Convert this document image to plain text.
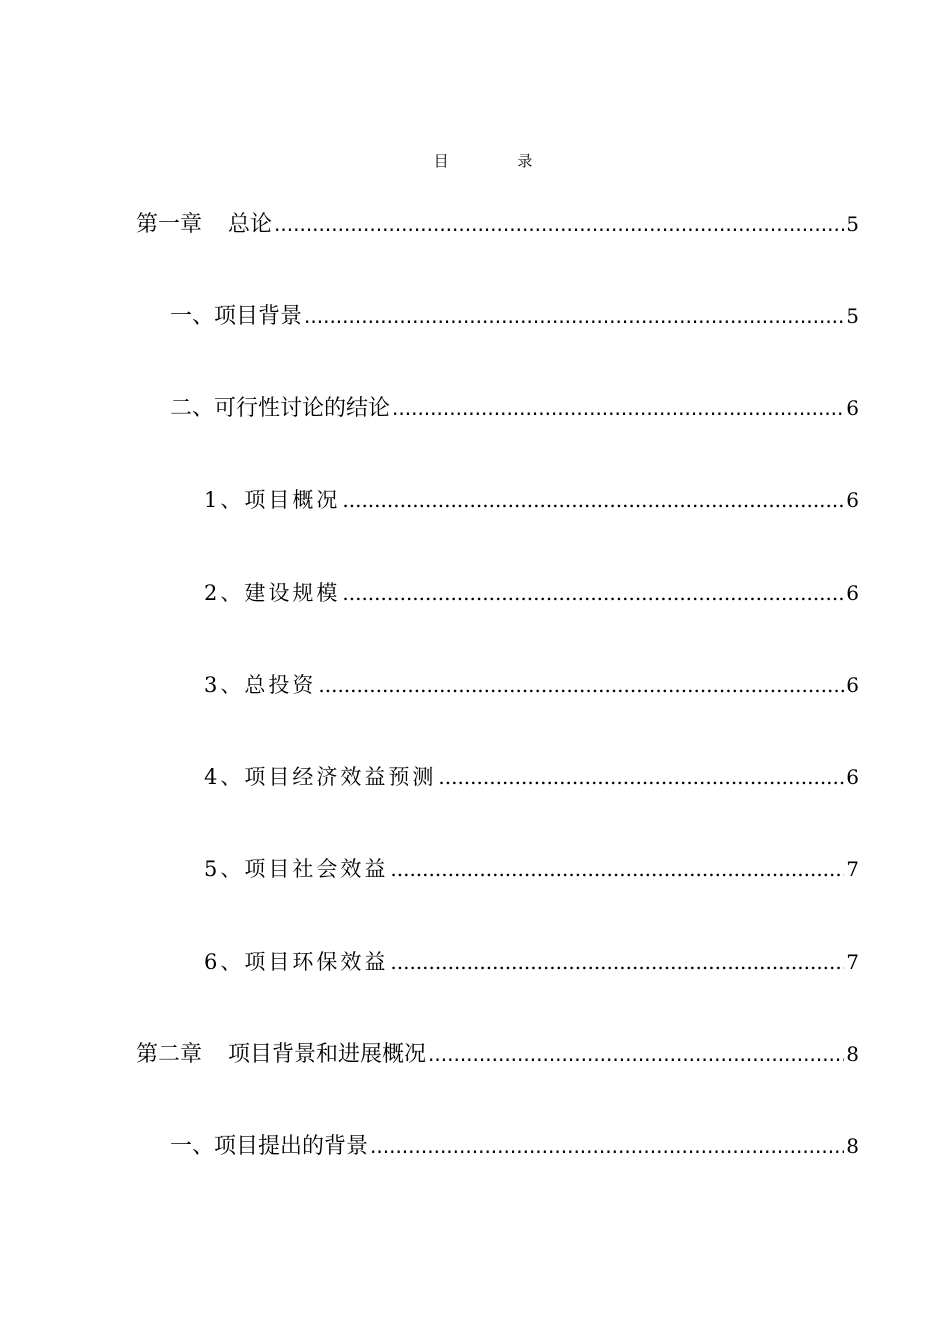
目 录
第一章 总论 .....	5
一、项目背景 .....	5
二、可行性讨论的结论 .....	6
1、项目概况 .....	6
2、建设规模 .....	6
3、总投资 .....	6
4、项目经济效益预测 .....	6
5、项目社会效益 .....	7
6、项目环保效益 .....	7
第二章 项目背景和进展概况 .....	8
一、项目提出的背景 .....	8
